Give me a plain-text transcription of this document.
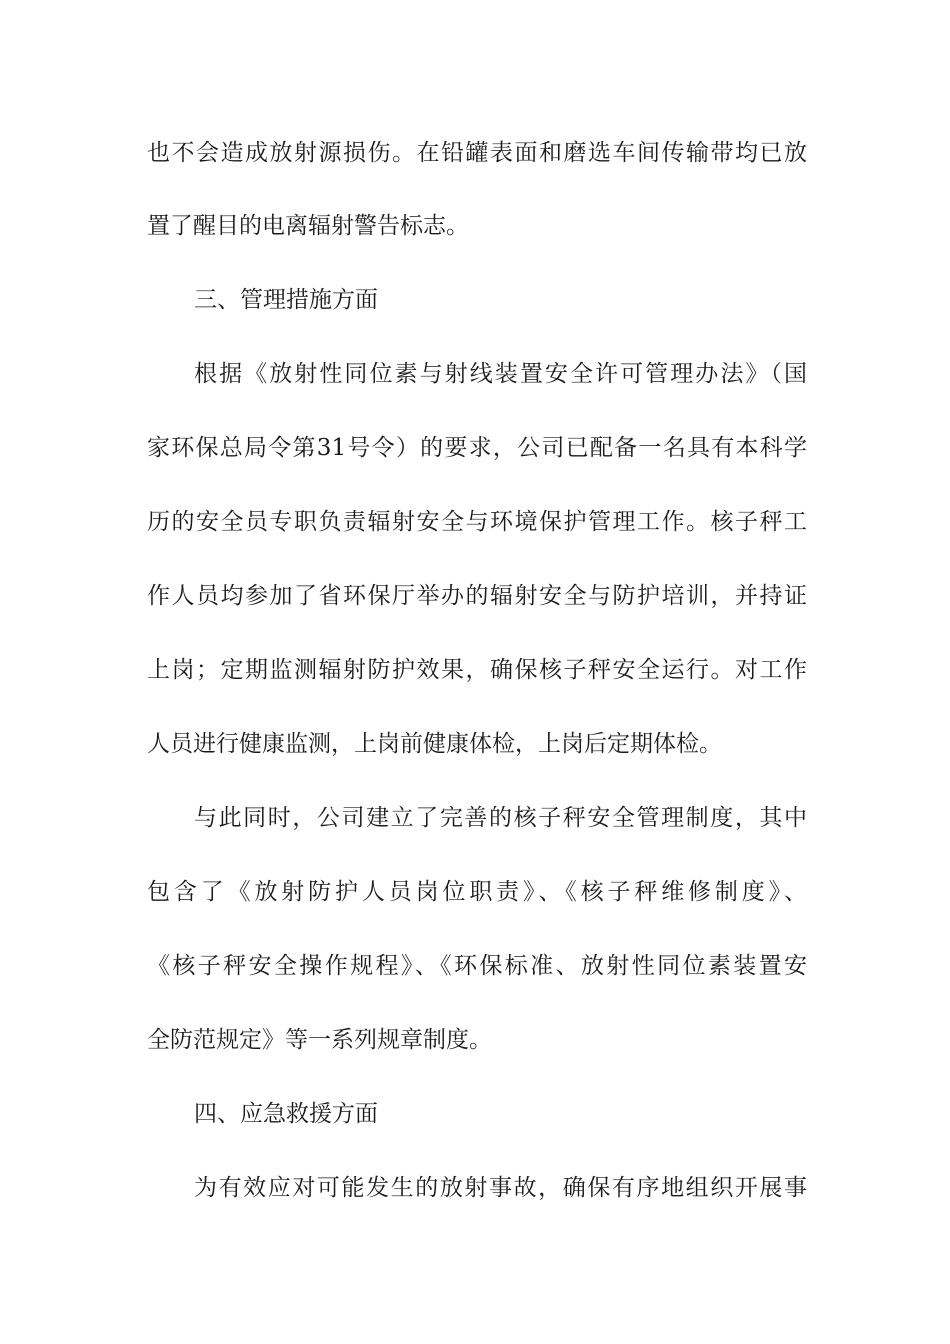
也不会造成放射源损伤。在铅罐表面和磨选车间传输带均已放
置了醒目的电离辐射警告标志。
三、管理措施方面
根据《放射性同位素与射线装置安全许可管理办法》（国
家环保总局令第31号令）的要求，公司已配备一名具有本科学
历的安全员专职负责辐射安全与环境保护管理工作。核子秤工
作人员均参加了省环保厅举办的辐射安全与防护培训，并持证
上岗；定期监测辐射防护效果，确保核子秤安全运行。对工作
人员进行健康监测，上岗前健康体检，上岗后定期体检。
与此同时，公司建立了完善的核子秤安全管理制度，其中
包含了《放射防护人员岗位职责》、《核子秤维修制度》、
《核子秤安全操作规程》、《环保标准、放射性同位素装置安
全防范规定》等一系列规章制度。
四、应急救援方面
为有效应对可能发生的放射事故，确保有序地组织开展事
